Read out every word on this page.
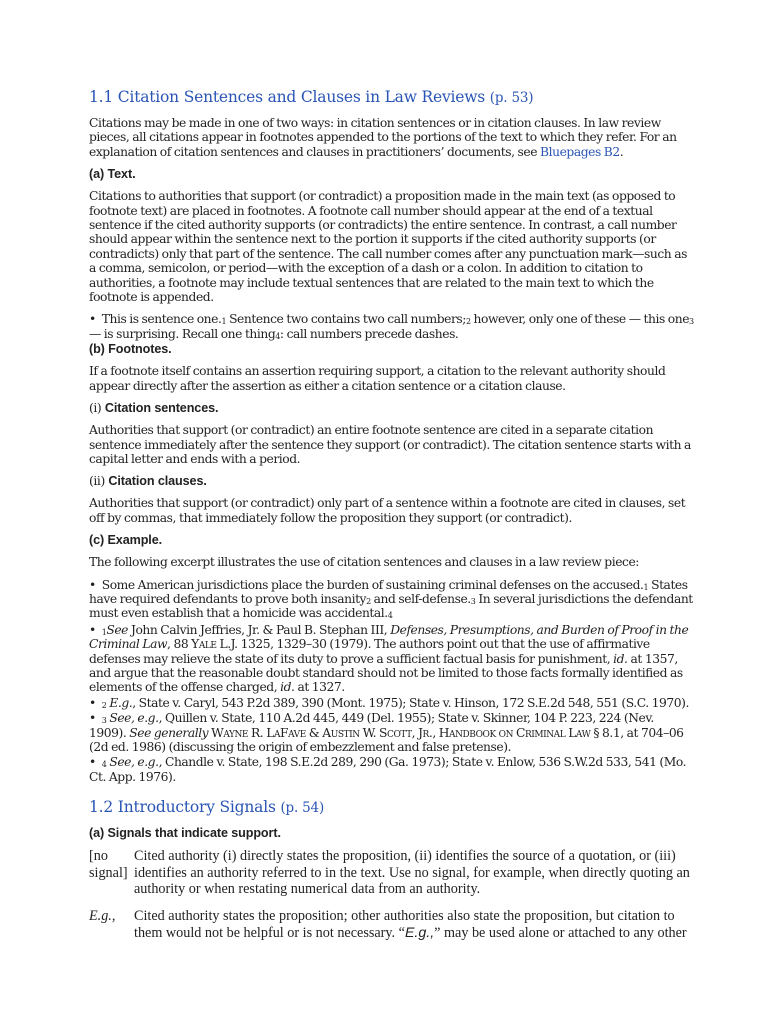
1.1 Citation Sentences and Clauses in Law Reviews (p. 53)

Citations may be made in one of two ways: in citation sentences or in citation clauses. In law review pieces, all citations appear in footnotes appended to the portions of the text to which they refer. For an explanation of citation sentences and clauses in practitioners’ documents, see Bluepages B2.

(a) Text.

Citations to authorities that support (or contradict) a proposition made in the main text (as opposed to footnote text) are placed in footnotes. A footnote call number should appear at the end of a textual sentence if the cited authority supports (or contradicts) the entire sentence. In contrast, a call number should appear within the sentence next to the portion it supports if the cited authority supports (or contradicts) only that part of the sentence. The call number comes after any punctuation mark—such as a comma, semicolon, or period—with the exception of a dash or a colon. In addition to citation to authorities, a footnote may include textual sentences that are related to the main text to which the footnote is appended.

•  This is sentence $one._1$ Sentence two contains two call $numbers;_2$ however, only one of these — this one$_3$ — is surprising. Recall one thing$_4$: call numbers precede dashes.

(b) Footnotes.

If a footnote itself contains an assertion requiring support, a citation to the relevant authority should appear directly after the assertion as either a citation sentence or a citation clause.

(i) Citation sentences.

Authorities that support (or contradict) an entire footnote sentence are cited in a separate citation sentence immediately after the sentence they support (or contradict). The citation sentence starts with a capital letter and ends with a period.

(ii) Citation clauses.

Authorities that support (or contradict) only part of a sentence within a footnote are cited in clauses, set off by commas, that immediately follow the proposition they support (or contradict).

(c) Example.

The following excerpt illustrates the use of citation sentences and clauses in a law review piece:

•  Some American jurisdictions place the burden of sustaining criminal defenses on the $accused._1$ States have required defendants to prove both insanity$_2$ and self-$defense._3$ In several jurisdictions the defendant must even establish that a homicide was $accidental._4$

•  $_1$See John Calvin Jeffries, Jr. & Paul B. Stephan III, Defenses, Presumptions, and Burden of Proof in the Criminal Law, 88 Yale L.J. 1325, 1329–30 (1979). The authors point out that the use of affirmative defenses may relieve the state of its duty to prove a sufficient factual basis for punishment, id. at 1357, and argue that the reasonable doubt standard should not be limited to those facts formally identified as elements of the offense charged, id. at 1327.

•  $_2$ E.g., State v. Caryl, 543 P.2d 389, 390 (Mont. 1975); State v. Hinson, 172 S.E.2d 548, 551 (S.C. 1970).

•  $_3$ See, e.g., Quillen v. State, 110 A.2d 445, 449 (Del. 1955); State v. Skinner, 104 P. 223, 224 (Nev. 1909). See generally Wayne R. LaFave & Austin W. Scott, Jr., Handbook on Criminal Law § 8.1, at 704–06 (2d ed. 1986) (discussing the origin of embezzlement and false pretense).

•  $_4$ See, e.g., Chandle v. State, 198 S.E.2d 289, 290 (Ga. 1973); State v. Enlow, 536 S.W.2d 533, 541 (Mo. Ct. App. 1976).

1.2 Introductory Signals (p. 54)
(a) Signals that indicate support.
[no signal]	Cited authority (i) directly states the proposition, (ii) identifies the source of a quotation, or (iii) identifies an authority referred to in the text. Use no signal, for example, when directly quoting an authority or when restating numerical data from an authority.
E.g.,	Cited authority states the proposition; other authorities also state the proposition, but citation to them would not be helpful or is not necessary. “E.g.,” may be used alone or attached to any other
